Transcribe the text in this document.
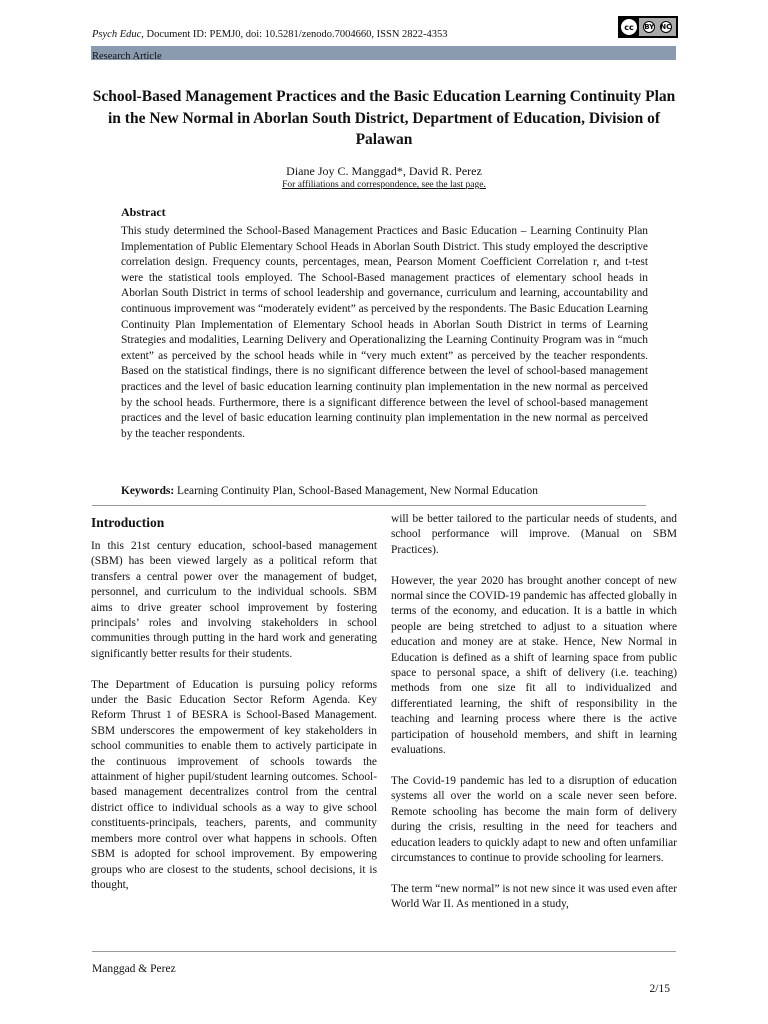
Psych Educ, Document ID: PEMJ0, doi: 10.5281/zenodo.7004660, ISSN 2822-4353
cc	BY NC
Research Article
School-Based Management Practices and the Basic Education Learning Continuity Plan in the New Normal in Aborlan South District, Department of Education, Division of Palawan
Diane Joy C. Manggad*, David R. Perez
For affiliations and correspondence, see the last page.
Abstract
This study determined the School-Based Management Practices and Basic Education – Learning Continuity Plan Implementation of Public Elementary School Heads in Aborlan South District. This study employed the descriptive correlation design. Frequency counts, percentages, mean, Pearson Moment Coefficient Correlation r, and t-test were the statistical tools employed. The School-Based management practices of elementary school heads in Aborlan South District in terms of school leadership and governance, curriculum and learning, accountability and continuous improvement was “moderately evident” as perceived by the respondents. The Basic Education Learning Continuity Plan Implementation of Elementary School heads in Aborlan South District in terms of Learning Strategies and modalities, Learning Delivery and Operationalizing the Learning Continuity Program was in “much extent” as perceived by the school heads while in “very much extent” as perceived by the teacher respondents. Based on the statistical findings, there is no significant difference between the level of school-based management practices and the level of basic education learning continuity plan implementation in the new normal as perceived by the school heads. Furthermore, there is a significant difference between the level of school-based management practices and the level of basic education learning continuity plan implementation in the new normal as perceived by the teacher respondents.
Keywords: Learning Continuity Plan, School-Based Management, New Normal Education
Introduction

In this 21st century education, school-based management (SBM) has been viewed largely as a political reform that transfers a central power over the management of budget, personnel, and curriculum to the individual schools. SBM aims to drive greater school improvement by fostering principals’ roles and involving stakeholders in school communities through putting in the hard work and generating significantly better results for their students.

The Department of Education is pursuing policy reforms under the Basic Education Sector Reform Agenda. Key Reform Thrust 1 of BESRA is School-Based Management. SBM underscores the empowerment of key stakeholders in school communities to enable them to actively participate in the continuous improvement of schools towards the attainment of higher pupil/student learning outcomes. School-based management decentralizes control from the central district office to individual schools as a way to give school constituents-principals, teachers, parents, and community members more control over what happens in schools. Often SBM is adopted for school improvement. By empowering groups who are closest to the students, school decisions, it is thought,

will be better tailored to the particular needs of students, and school performance will improve. (Manual on SBM Practices).

However, the year 2020 has brought another concept of new normal since the COVID-19 pandemic has affected globally in terms of the economy, and education. It is a battle in which people are being stretched to adjust to a situation where education and money are at stake. Hence, New Normal in Education is defined as a shift of learning space from public space to personal space, a shift of delivery (i.e. teaching) methods from one size fit all to individualized and differentiated learning, the shift of responsibility in the teaching and learning process where there is the active participation of household members, and shift in learning evaluations.

The Covid-19 pandemic has led to a disruption of education systems all over the world on a scale never seen before. Remote schooling has become the main form of delivery during the crisis, resulting in the need for teachers and education leaders to quickly adapt to new and often unfamiliar circumstances to continue to provide schooling for learners.

The term “new normal” is not new since it was used even after World War II. As mentioned in a study,

Manggad & Perez
2/15
